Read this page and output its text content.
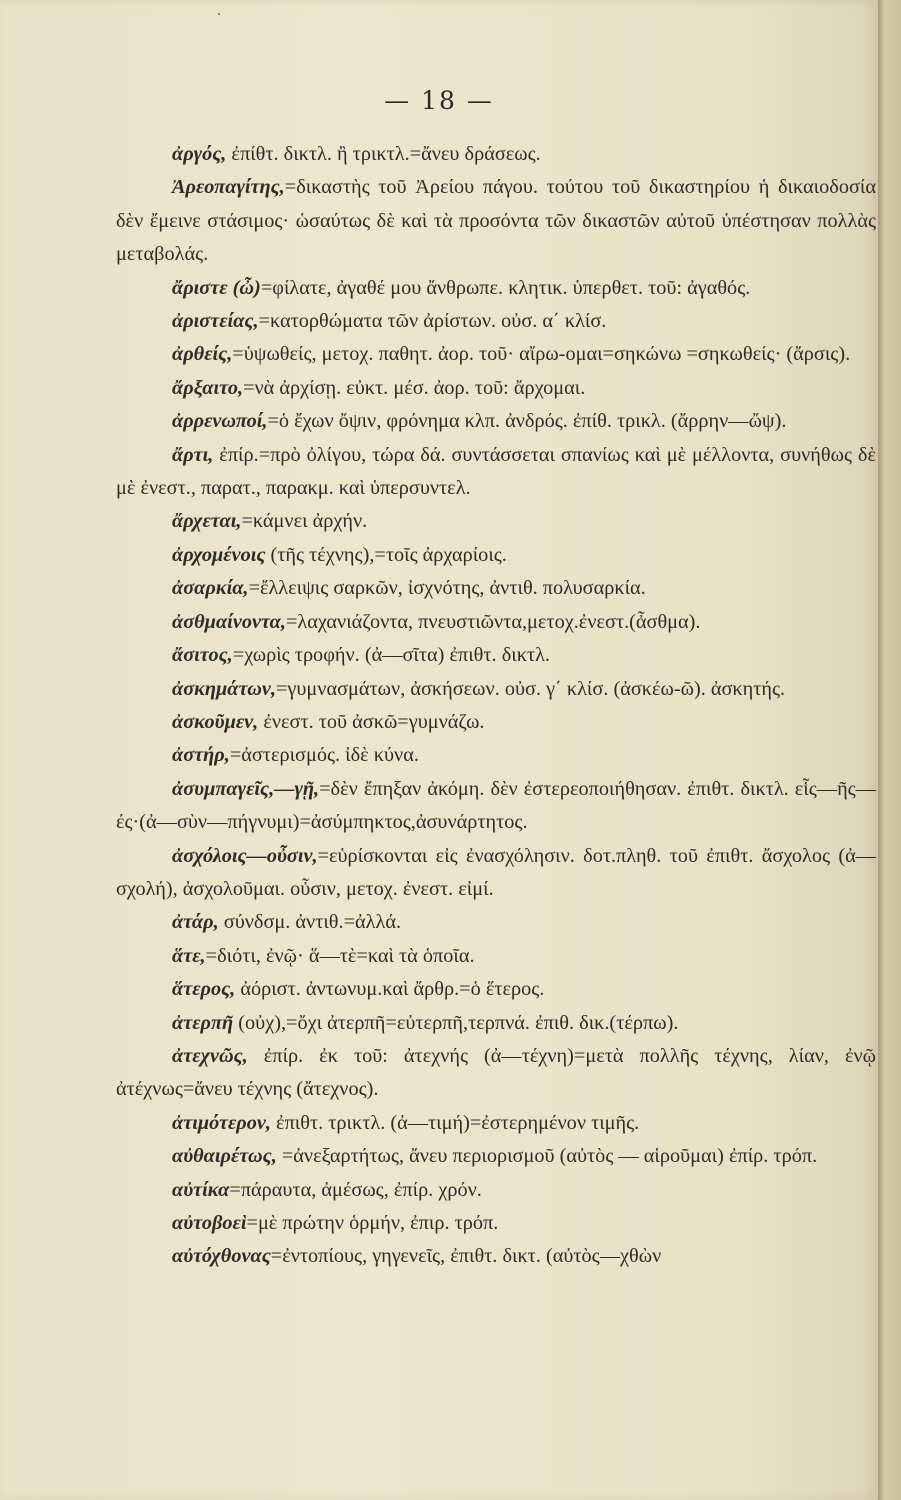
— 18 —

ἀργός, ἐπίθτ. δικτλ. ἢ τρικτλ.=ἄνευ δράσεως.

Ἀρεοπαγίτης,=δικαστὴς τοῦ Ἀρείου πάγου. τούτου τοῦ δικαστηρίου ἡ δικαιοδοσία δὲν ἔμεινε στάσιμος· ὡσαύτως δὲ καὶ τὰ προσόντα τῶν δικαστῶν αὐτοῦ ὑπέστησαν πολλὰς μεταβολάς.

ἄριστε (ὦ)=φίλατε, ἀγαθέ μου ἄνθρωπε. κλητικ. ὑπερθετ. τοῦ: ἀγαθός.

ἀριστείας,=κατορθώματα τῶν ἀρίστων. οὐσ. α΄ κλίσ.

ἀρθείς,=ὑψωθείς, μετοχ. παθητ. ἀορ. τοῦ· αἴρω-ομαι=σηκώνω =σηκωθείς· (ἄρσις).

ἄρξαιτο,=νὰ ἀρχίσῃ. εὐκτ. μέσ. ἀορ. τοῦ: ἄρχομαι.

ἀρρενωποί,=ὁ ἔχων ὄψιν, φρόνημα κλπ. ἀνδρός. ἐπίθ. τρικλ. (ἄρρην—ὤψ).

ἄρτι, ἐπίρ.=πρὸ ὀλίγου, τώρα δά. συντάσσεται σπανίως καὶ μὲ μέλλοντα, συνήθως δὲ μὲ ἐνεστ., παρατ., παρακμ. καὶ ὑπερσυντελ.

ἄρχεται,=κάμνει ἀρχήν.

ἀρχομένοις (τῆς τέχνης),=τοῖς ἀρχαρίοις.

ἀσαρκία,=ἔλλειψις σαρκῶν, ἰσχνότης, ἀντιθ. πολυσαρκία.

ἀσθμαίνοντα,=λαχανιάζοντα, πνευστιῶντα,μετοχ.ἐνεστ.(ἆσθμα).

ἄσιτος,=χωρὶς τροφήν. (ἀ—σῖτα) ἐπιθτ. δικτλ.

ἀσκημάτων,=γυμνασμάτων, ἀσκήσεων. οὐσ. γ΄ κλίσ. (ἀσκέω-ῶ). ἀσκητής.

ἀσκοῦμεν, ἐνεστ. τοῦ ἀσκῶ=γυμνάζω.

ἀστήρ,=ἀστερισμός. ἰδὲ κύνα.

ἀσυμπαγεῖς,—γῇ,=δὲν ἔπηξαν ἀκόμη. δὲν ἐστερεοποιήθησαν. ἐπιθτ. δικτλ. εἷς—ῆς—ές·(ἀ—σὺν—πήγνυμι)=ἀσύμπηκτος,ἀσυνάρτητος.

ἀσχόλοις—οὖσιν,=εὑρίσκονται εἰς ἐνασχόλησιν. δοτ.πληθ. τοῦ ἐπιθτ. ἄσχολος (ἀ—σχολή), ἀσχολοῦμαι. οὖσιν, μετοχ. ἐνεστ. εἰμί.

ἀτάρ, σύνδσμ. ἀντιθ.=ἀλλά.

ἅτε,=διότι, ἐνῷ· ἅ—τὲ=καὶ τὰ ὁποῖα.

ἅτερος, ἀόριστ. ἀντωνυμ.καὶ ἄρθρ.=ὁ ἕτερος.

ἀτερπῆ (οὐχ),=ὄχι ἀτερπῆ=εὐτερπῆ,τερπνά. ἐπιθ. δικ.(τέρπω).

ἀτεχνῶς, ἐπίρ. ἐκ τοῦ: ἀτεχνής (ἀ—τέχνη)=μετὰ πολλῆς τέχνης, λίαν, ἐνῷ ἀτέχνως=ἄνευ τέχνης (ἄτεχνος).

ἀτιμότερον, ἐπιθτ. τρικτλ. (ἀ—τιμή)=ἐστερημένον τιμῆς.

αὐθαιρέτως, =ἀνεξαρτήτως, ἄνευ περιορισμοῦ (αὐτὸς — αἱροῦμαι) ἐπίρ. τρόπ.

αὐτίκα=πάραυτα, ἀμέσως, ἐπίρ. χρόν.

αὐτοβοεὶ=μὲ πρώτην ὁρμήν, ἐπιρ. τρόπ.

αὐτόχθονας=ἐντοπίους, γηγενεῖς, ἐπιθτ. δικτ. (αὐτὸς—χθὼν
